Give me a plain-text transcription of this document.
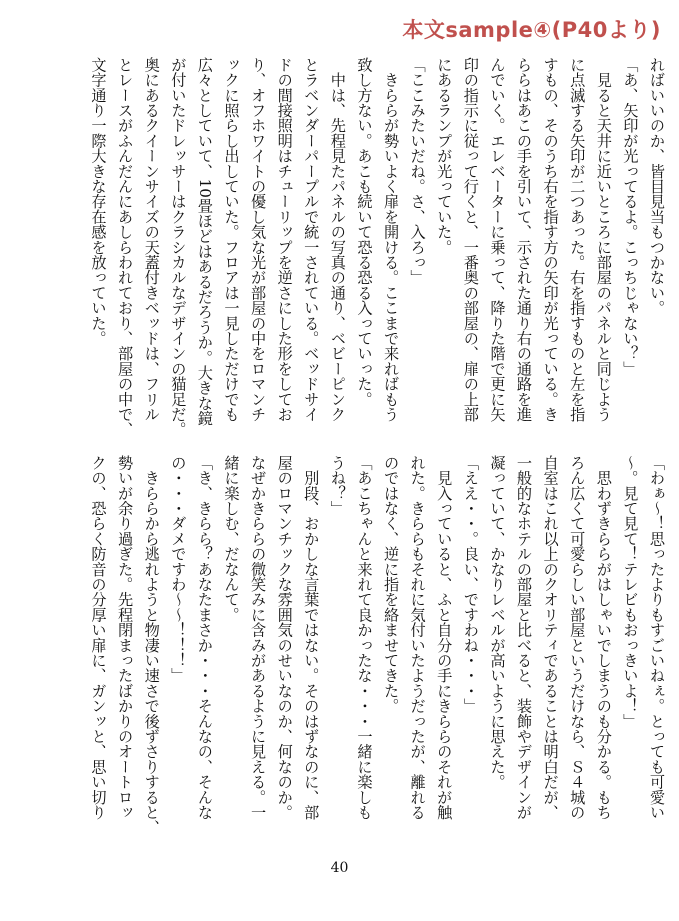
本文sample④(P40より)
ればいいのか、皆目見当もつかない。
「あ、矢印が光ってるよ。こっちじゃない？」
　見ると天井に近いところに部屋のパネルと同じよう
に点滅する矢印が二つあった。右を指すものと左を指
すもの、そのうち右を指す方の矢印が光っている。き
ららはあこの手を引いて、示された通り右の通路を進
んでいく。エレベーターに乗って、降りた階で更に矢
印の指示に従って行くと、一番奥の部屋の、扉の上部
にあるランプが光っていた。
「ここみたいだね。さ、入ろっ」
　きららが勢いよく扉を開ける。ここまで来ればもう
致し方ない。あこも続いて恐る恐る入っていった。
　中は、先程見たパネルの写真の通り、ベビーピンク
とラベンダーパープルで統一されている。ベッドサイ
ドの間接照明はチューリップを逆さにした形をしてお
り、オフホワイトの優し気な光が部屋の中をロマンチ
ックに照らし出していた。フロアは一見しただけでも
広々としていて、10畳ほどはあるだろうか。大きな鏡
が付いたドレッサーはクラシカルなデザインの猫足だ。
奥にあるクイーンサイズの天蓋付きベッドは、フリル
とレースがふんだんにあしらわれており、部屋の中で、
文字通り一際大きな存在感を放っていた。
「わぁ～！思ったよりもすごいねぇ。とっても可愛い
～。見て見て！テレビもおっきいよ！」
　思わずきららがはしゃいでしまうのも分かる。もち
ろん広くて可愛らしい部屋というだけなら、Ｓ４城の
自室はこれ以上のクオリティであることは明白だが、
一般的なホテルの部屋と比べると、装飾やデザインが
凝っていて、かなりレベルが高いように思えた。
「ええ・・。良い、ですわね・・・」
　見入っていると、ふと自分の手にきららのそれが触
れた。きららもそれに気付いたようだったが、離れる
のではなく、逆に指を絡ませてきた。
「あこちゃんと来れて良かったな・・・一緒に楽しも
うね？」
　別段、おかしな言葉ではない。そのはずなのに、部
屋のロマンチックな雰囲気のせいなのか、何なのか。
なぜかきららの微笑みに含みがあるように見える。一
緒に楽しむ、だなんて。
「き、きらら？あなたまさか・・・そんなの、そんな
の・・・ダメですわ～～！！！」
　きららから逃れようと物凄い速さで後ずさりすると、
勢いが余り過ぎた。先程閉まったばかりのオートロッ
クの、恐らく防音の分厚い扉に、ガンッと、思い切り
40
